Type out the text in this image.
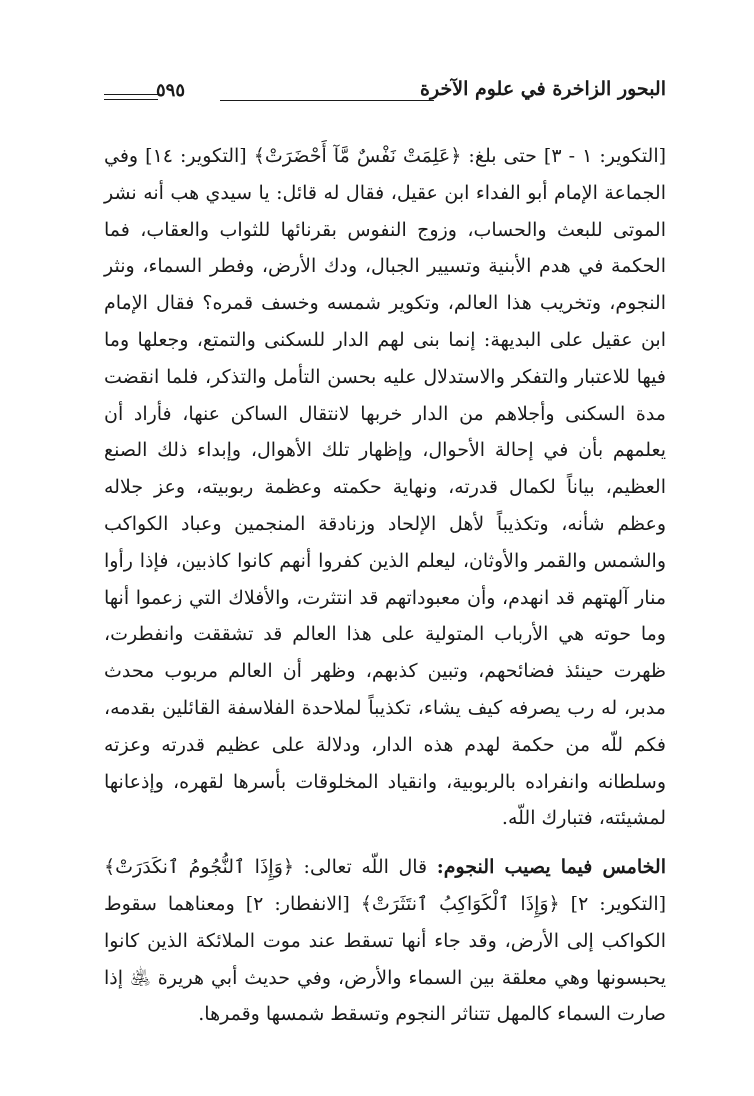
البحور الزاخرة في علوم الآخرة
٥٩٥

[التكوير: ١ - ٣] حتى بلغ: ﴿عَلِمَتْ نَفْسٌ مَّآ أَحْضَرَتْ﴾ [التكوير: ١٤] وفي الجماعة الإمام أبو الفداء ابن عقيل، فقال له قائل: يا سيدي هب أنه نشر الموتى للبعث والحساب، وزوج النفوس بقرنائها للثواب والعقاب، فما الحكمة في هدم الأبنية وتسيير الجبال، ودك الأرض، وفطر السماء، ونثر النجوم، وتخريب هذا العالم، وتكوير شمسه وخسف قمره؟ فقال الإمام ابن عقيل على البديهة: إنما بنى لهم الدار للسكنى والتمتع، وجعلها وما فيها للاعتبار والتفكر والاستدلال عليه بحسن التأمل والتذكر، فلما انقضت مدة السكنى وأجلاهم من الدار خربها لانتقال الساكن عنها، فأراد أن يعلمهم بأن في إحالة الأحوال، وإظهار تلك الأهوال، وإبداء ذلك الصنع العظيم، بياناً لكمال قدرته، ونهاية حكمته وعظمة ربوبيته، وعز جلاله وعظم شأنه، وتكذيباً لأهل الإلحاد وزنادقة المنجمين وعباد الكواكب والشمس والقمر والأوثان، ليعلم الذين كفروا أنهم كانوا كاذبين، فإذا رأوا منار آلهتهم قد انهدم، وأن معبوداتهم قد انتثرت، والأفلاك التي زعموا أنها وما حوته هي الأرباب المتولية على هذا العالم قد تشققت وانفطرت، ظهرت حينئذ فضائحهم، وتبين كذبهم، وظهر أن العالم مربوب محدث مدبر، له رب يصرفه كيف يشاء، تكذيباً لملاحدة الفلاسفة القائلين بقدمه، فكم للّه من حكمة لهدم هذه الدار، ودلالة على عظيم قدرته وعزته وسلطانه وانفراده بالربوبية، وانقياد المخلوقات بأسرها لقهره، وإذعانها لمشيئته، فتبارك اللّه.

الخامس فيما يصيب النجوم: قال اللّه تعالى: ﴿وَإِذَا ٱلنُّجُومُ ٱنكَدَرَتْ﴾ [التكوير: ٢] ﴿وَإِذَا ٱلْكَوَاكِبُ ٱنتَثَرَتْ﴾ [الانفطار: ٢] ومعناهما سقوط الكواكب إلى الأرض، وقد جاء أنها تسقط عند موت الملائكة الذين كانوا يحبسونها وهي معلقة بين السماء والأرض، وفي حديث أبي هريرة ﵁ إذا صارت السماء كالمهل تتناثر النجوم وتسقط شمسها وقمرها.
